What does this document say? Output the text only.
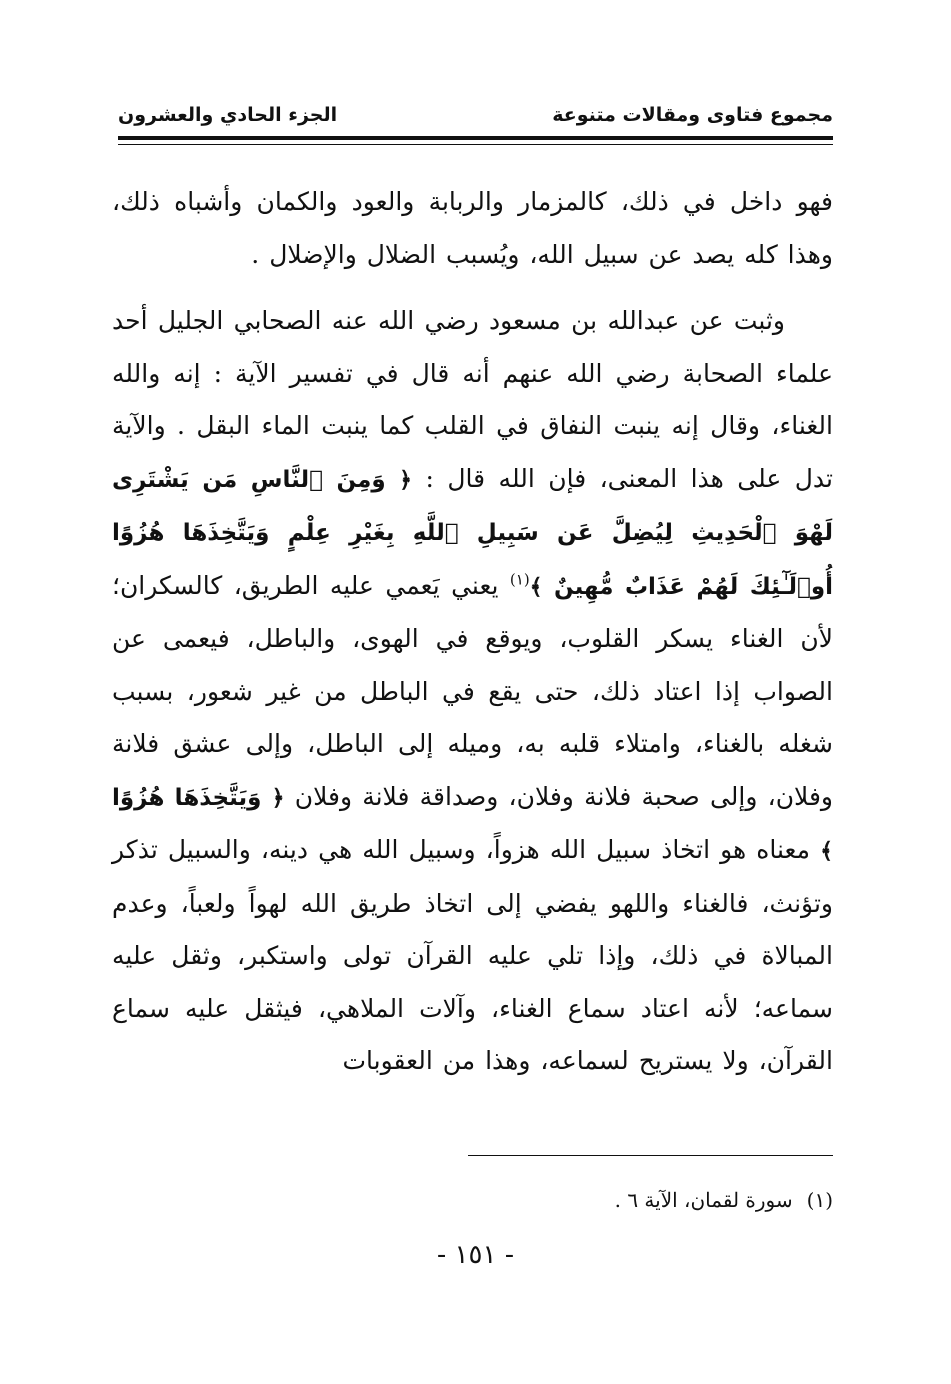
مجموع فتاوى ومقالات متنوعة
الجزء الحادي والعشرون

فهو داخل في ذلك، كالمزمار والربابة والعود والكمان وأشباه ذلك، وهذا كله يصد عن سبيل الله، ويُسبب الضلال والإضلال .

وثبت عن عبدالله بن مسعود رضي الله عنه الصحابي الجليل أحد علماء الصحابة رضي الله عنهم أنه قال في تفسير الآية : إنه والله الغناء، وقال إنه ينبت النفاق في القلب كما ينبت الماء البقل . والآية تدل على هذا المعنى، فإن الله قال : ﴿ وَمِنَ ٱلنَّاسِ مَن يَشْتَرِى لَهْوَ ٱلْحَدِيثِ لِيُضِلَّ عَن سَبِيلِ ٱللَّهِ بِغَيْرِ عِلْمٍ وَيَتَّخِذَهَا هُزُوًا أُو۟لَـٰٓئِكَ لَهُمْ عَذَابٌ مُّهِينٌ ﴾$^{(١)}$ يعني يَعمي عليه الطريق، كالسكران؛ لأن الغناء يسكر القلوب، ويوقع في الهوى، والباطل، فيعمى عن الصواب إذا اعتاد ذلك، حتى يقع في الباطل من غير شعور، بسبب شغله بالغناء، وامتلاء قلبه به، وميله إلى الباطل، وإلى عشق فلانة وفلان، وإلى صحبة فلانة وفلان، وصداقة فلانة وفلان ﴿ وَيَتَّخِذَهَا هُزُوًا ﴾ معناه هو اتخاذ سبيل الله هزواً، وسبيل الله هي دينه، والسبيل تذكر وتؤنث، فالغناء واللهو يفضي إلى اتخاذ طريق الله لهواً ولعباً، وعدم المبالاة في ذلك، وإذا تلي عليه القرآن تولى واستكبر، وثقل عليه سماعه؛ لأنه اعتاد سماع الغناء، وآلات الملاهي، فيثقل عليه سماع القرآن، ولا يستريح لسماعه، وهذا من العقوبات

(١)سورة لقمان، الآية ٦ .
- ١٥١ -
